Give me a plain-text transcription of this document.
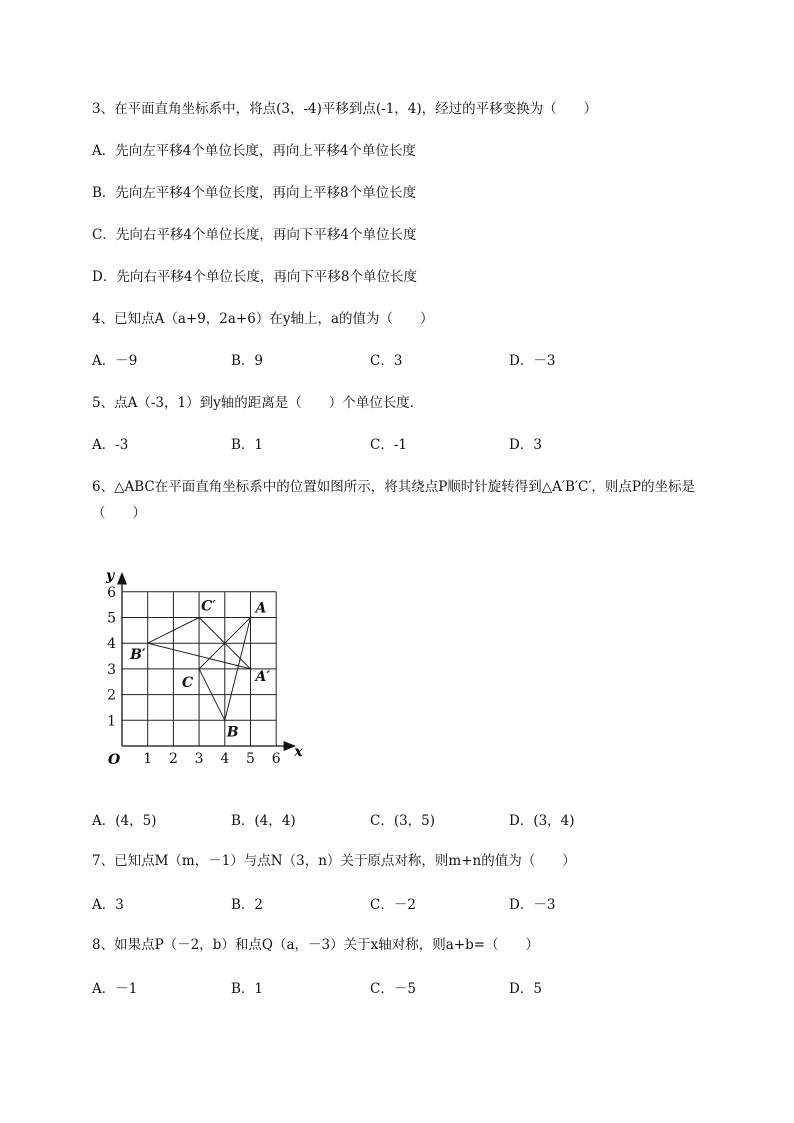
3、在平面直角坐标系中，将点(3，-4)平移到点(-1，4)，经过的平移变换为（　　）
A．先向左平移4个单位长度，再向上平移4个单位长度
B．先向左平移4个单位长度，再向上平移8个单位长度
C．先向右平移4个单位长度，再向下平移4个单位长度
D．先向右平移4个单位长度，再向下平移8个单位长度
4、已知点A（a+9，2a+6）在y轴上，a的值为（　　）
A．－9	B．9	C．3	D．－3
5、点A（-3，1）到y轴的距离是（　　）个单位长度．
A．-3	B．1	C．-1	D．3
6、△ABC在平面直角坐标系中的位置如图所示，将其绕点P顺时针旋转得到△A′B′C′，则点P的坐标是（　　）
1 2 3 4 5 6
1
2
3
4
5
6
x
y
O
A
B
C	A′
B′
C′
A．(4，5)	B．(4，4)	C．(3，5)	D．(3，4)
7、已知点M（m，－1）与点N（3，n）关于原点对称，则m+n的值为（　　）
A．3	B．2	C．－2	D．－3
8、如果点P（－2，b）和点Q（a，－3）关于x轴对称，则a+b=（　　）
A．－1	B．1	C．－5	D．5
